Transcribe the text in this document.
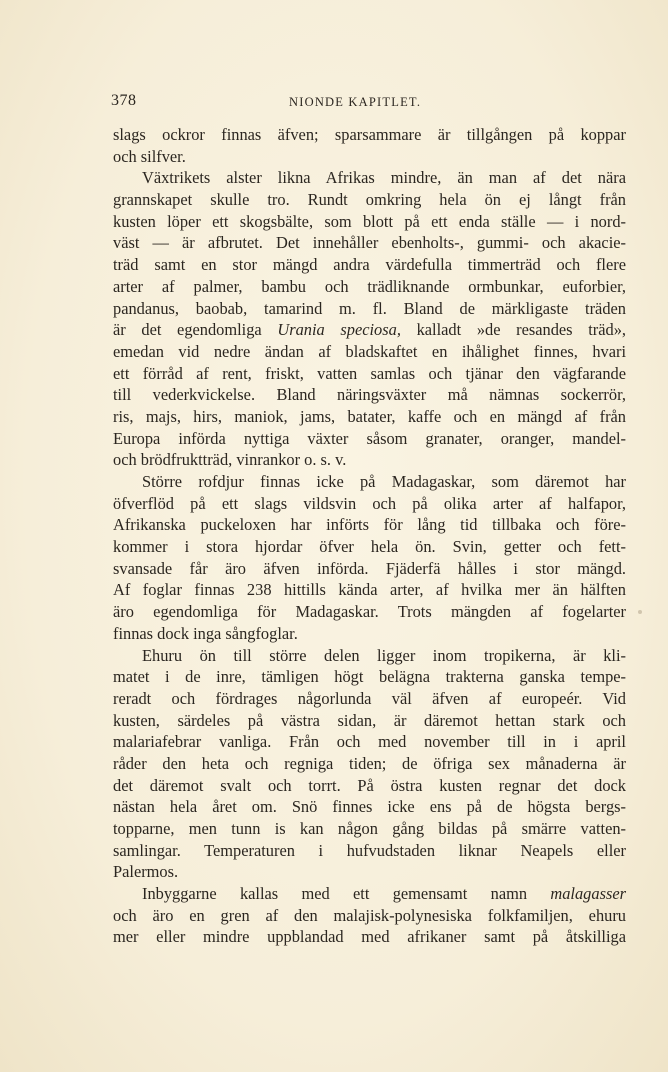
378	NIONDE KAPITLET.
slags ockror finnas äfven; sparsammare är tillgången på koppar
och silfver.
Växtrikets alster likna Afrikas mindre, än man af det nära
grannskapet skulle tro. Rundt omkring hela ön ej långt från
kusten löper ett skogsbälte, som blott på ett enda ställe — i nord-
väst — är afbrutet. Det innehåller ebenholts-, gummi- och akacie-
träd samt en stor mängd andra värdefulla timmerträd och flere
arter af palmer, bambu och trädliknande ormbunkar, euforbier,
pandanus, baobab, tamarind m. fl. Bland de märkligaste träden
är det egendomliga Urania speciosa, kalladt »de resandes träd»,
emedan vid nedre ändan af bladskaftet en ihålighet finnes, hvari
ett förråd af rent, friskt, vatten samlas och tjänar den vägfarande
till vederkvickelse. Bland näringsväxter må nämnas sockerrör,
ris, majs, hirs, maniok, jams, batater, kaffe och en mängd af från
Europa införda nyttiga växter såsom granater, oranger, mandel-
och brödfruktträd, vinrankor o. s. v.
Större rofdjur finnas icke på Madagaskar, som däremot har
öfverflöd på ett slags vildsvin och på olika arter af halfapor,
Afrikanska puckeloxen har införts för lång tid tillbaka och före-
kommer i stora hjordar öfver hela ön. Svin, getter och fett-
svansade får äro äfven införda. Fjäderfä hålles i stor mängd.
Af foglar finnas 238 hittills kända arter, af hvilka mer än hälften
äro egendomliga för Madagaskar. Trots mängden af fogelarter
finnas dock inga sångfoglar.
Ehuru ön till större delen ligger inom tropikerna, är kli-
matet i de inre, tämligen högt belägna trakterna ganska tempe-
reradt och fördrages någorlunda väl äfven af europeér. Vid
kusten, särdeles på västra sidan, är däremot hettan stark och
malariafebrar vanliga. Från och med november till in i april
råder den heta och regniga tiden; de öfriga sex månaderna är
det däremot svalt och torrt. På östra kusten regnar det dock
nästan hela året om. Snö finnes icke ens på de högsta bergs-
topparne, men tunn is kan någon gång bildas på smärre vatten-
samlingar. Temperaturen i hufvudstaden liknar Neapels eller
Palermos.
Inbyggarne kallas med ett gemensamt namn malagasser
och äro en gren af den malajisk-polynesiska folkfamiljen, ehuru
mer eller mindre uppblandad med afrikaner samt på åtskilliga
